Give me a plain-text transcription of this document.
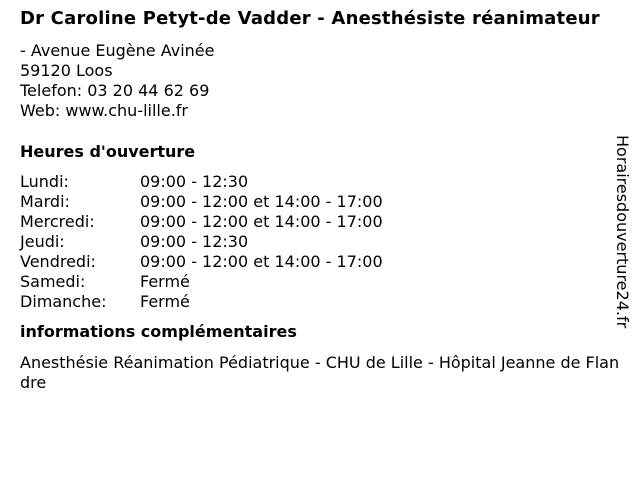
Dr Caroline Petyt-de Vadder - Anesthésiste réanimateur
- Avenue Eugène Avinée
59120 Loos
Telefon: 03 20 44 62 69
Web: www.chu-lille.fr
Heures d'ouverture
Lundi:	09:00 - 12:30
Mardi:	09:00 - 12:00 et 14:00 - 17:00
Mercredi:	09:00 - 12:00 et 14:00 - 17:00
Jeudi:	09:00 - 12:30
Vendredi:	09:00 - 12:00 et 14:00 - 17:00
Samedi:	Fermé
Dimanche:	Fermé
informations complémentaires
Anesthésie Réanimation Pédiatrique - CHU de Lille - Hôpital Jeanne de Flandre
Horairesdouverture24.fr
